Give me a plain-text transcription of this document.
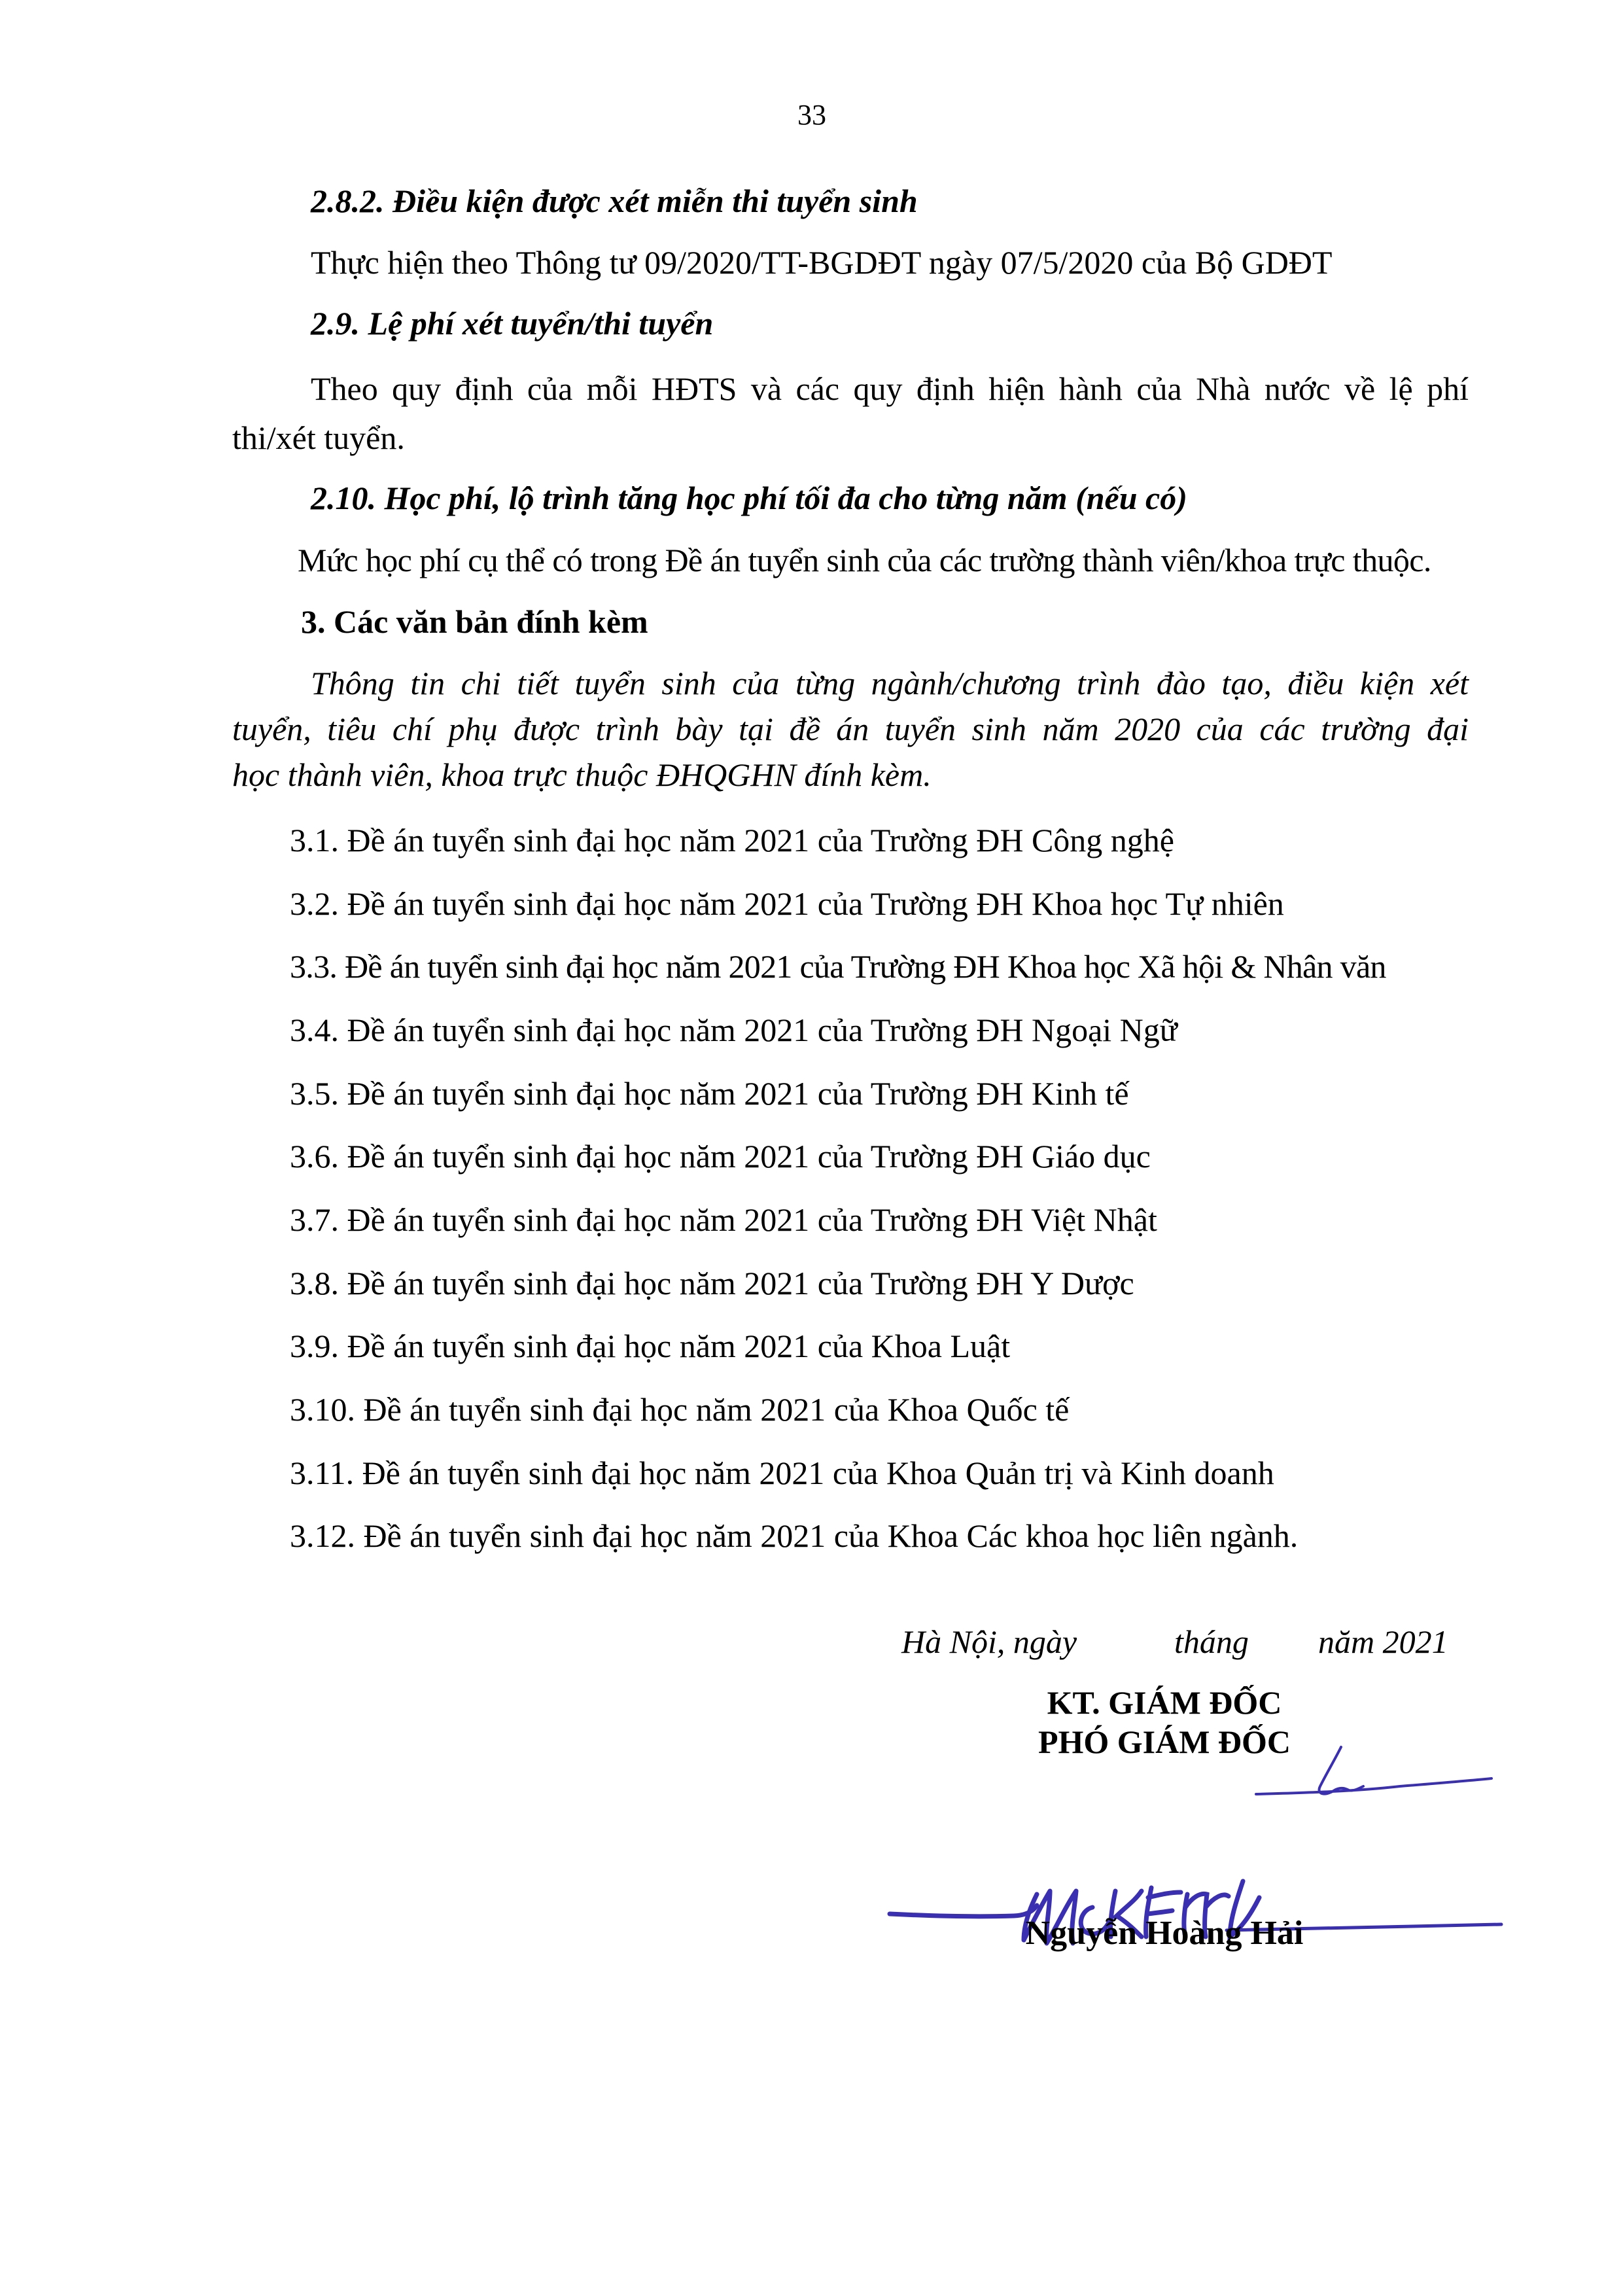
33
2.8.2. Điều kiện được xét miễn thi tuyển sinh
Thực hiện theo Thông tư 09/2020/TT-BGDĐT ngày 07/5/2020 của Bộ GDĐT
2.9. Lệ phí xét tuyển/thi tuyển
Theo quy định của mỗi HĐTS và các quy định hiện hành của Nhà nước về lệ phí
thi/xét tuyển.
2.10. Học phí, lộ trình tăng học phí tối đa cho từng năm (nếu có)
Mức học phí cụ thể có trong Đề án tuyển sinh của các trường thành viên/khoa trực thuộc.
3. Các văn bản đính kèm
Thông tin chi tiết tuyển sinh của từng ngành/chương trình đào tạo, điều kiện xét
tuyển, tiêu chí phụ được trình bày tại đề án tuyển sinh năm 2020 của các trường đại
học thành viên, khoa trực thuộc ĐHQGHN đính kèm.
3.1. Đề án tuyển sinh đại học năm 2021 của Trường ĐH Công nghệ
3.2. Đề án tuyển sinh đại học năm 2021 của Trường ĐH Khoa học Tự nhiên
3.3. Đề án tuyển sinh đại học năm 2021 của Trường ĐH Khoa học Xã hội & Nhân văn
3.4. Đề án tuyển sinh đại học năm 2021 của Trường ĐH Ngoại Ngữ
3.5. Đề án tuyển sinh đại học năm 2021 của Trường ĐH Kinh tế
3.6. Đề án tuyển sinh đại học năm 2021 của Trường ĐH Giáo dục
3.7. Đề án tuyển sinh đại học năm 2021 của Trường ĐH Việt Nhật
3.8. Đề án tuyển sinh đại học năm 2021 của Trường ĐH Y Dược
3.9. Đề án tuyển sinh đại học năm 2021 của Khoa Luật
3.10. Đề án tuyển sinh đại học năm 2021 của Khoa Quốc tế
3.11. Đề án tuyển sinh đại học năm 2021 của Khoa Quản trị và Kinh doanh
3.12. Đề án tuyển sinh đại học năm 2021 của Khoa Các khoa học liên ngành.
Hà Nội, ngày	tháng năm 2021
KT. GIÁM ĐỐC
PHÓ GIÁM ĐỐC
Nguyễn Hoàng Hải
